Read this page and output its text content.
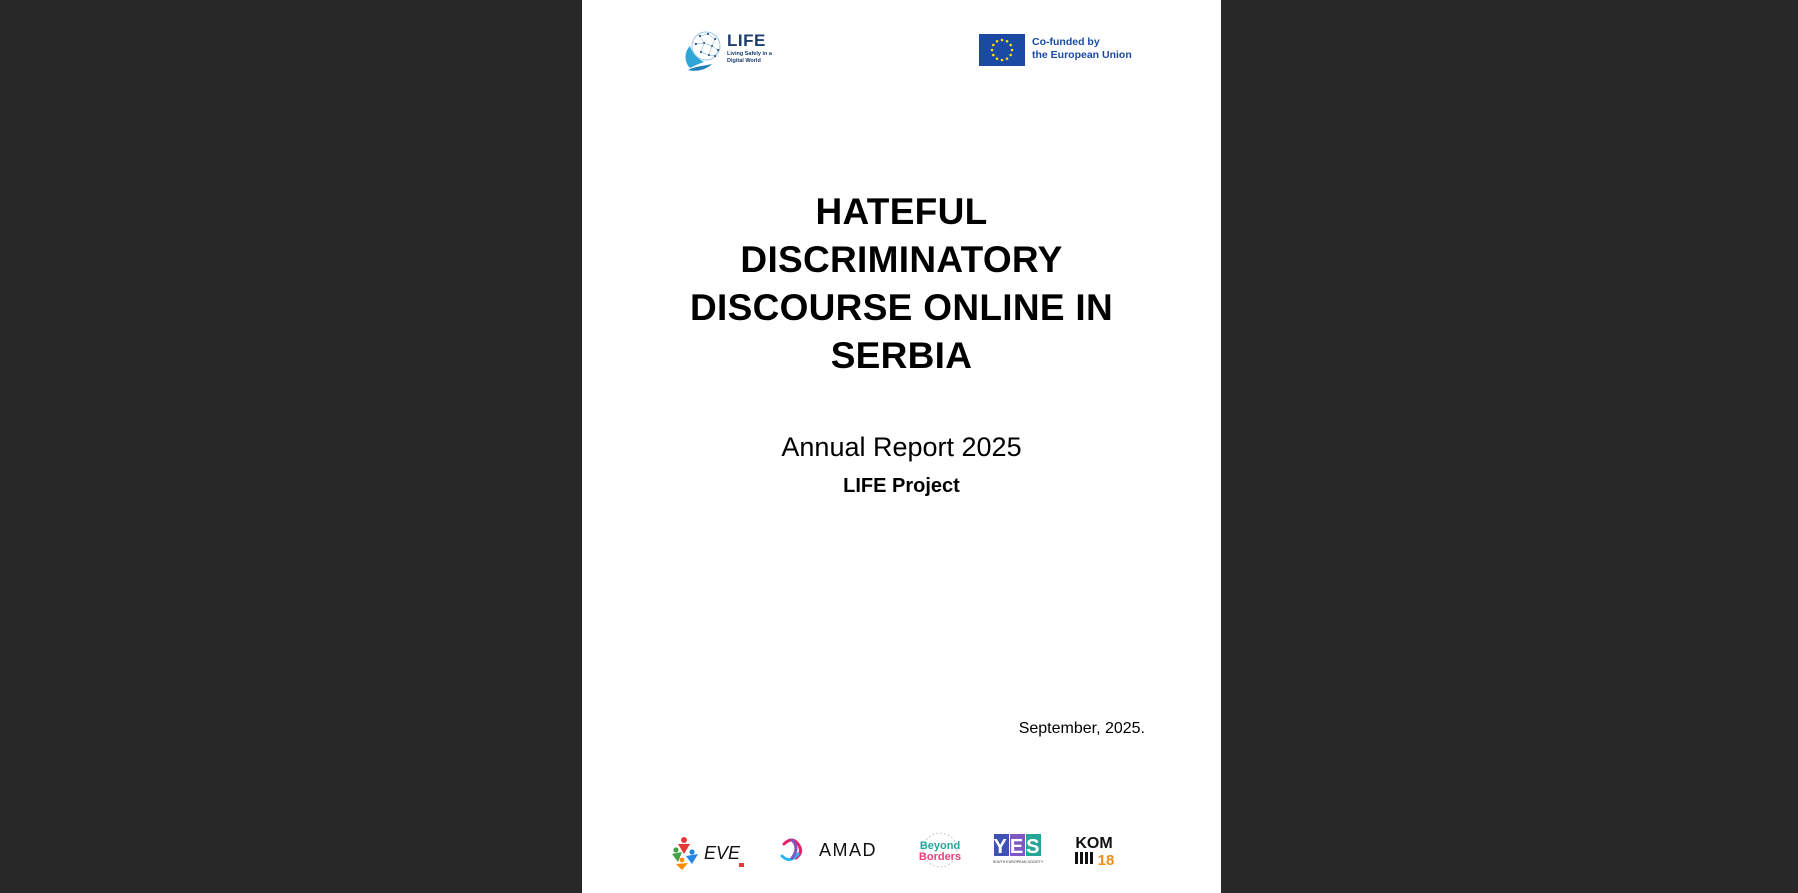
LIFE
Living Safely in a Digital World
Co-funded by
the European Union
HATEFUL
DISCRIMINATORY
DISCOURSE ONLINE IN
SERBIA
Annual Report 2025
LIFE Project
September, 2025.
EVE	AMAD	Beyond
Borders YES
SOUTH EUROPEAN SOCIETY
KOM
18
